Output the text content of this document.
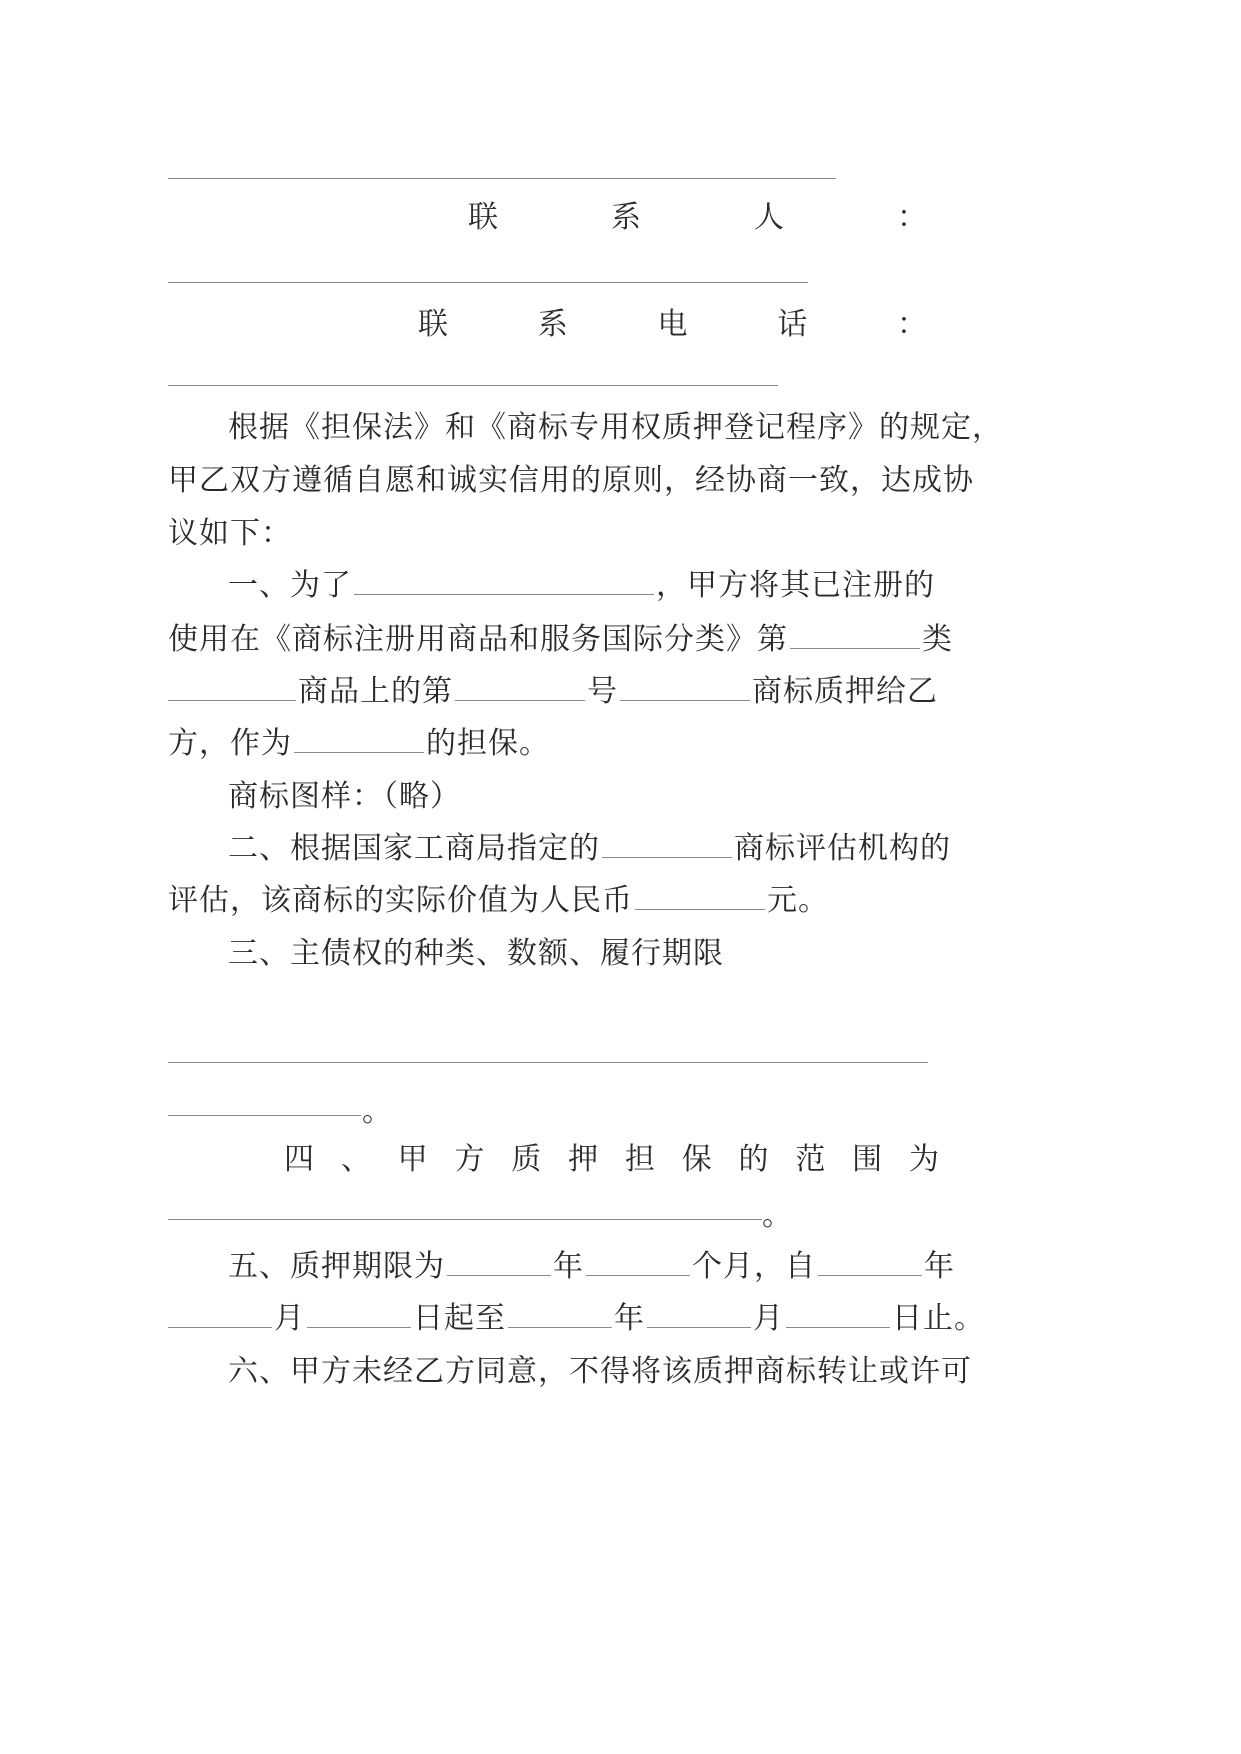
联	系	人	：
联	系	电	话	：
根据《担保法》和《商标专用权质押登记程序》的规定，
甲乙双方遵循自愿和诚实信用的原则，经协商一致，达成协
议如下：
一、为了	，甲方将其已注册的
使用在《商标注册用商品和服务国际分类》第	类
商品上的第	号	商标质押给乙
方，作为	的担保。
商标图样：（略）
二、根据国家工商局指定的	商标评估机构的
评估，该商标的实际价值为人民币	元。
三、主债权的种类、数额、履行期限
。
四 、 甲 方 质 押 担 保 的 范 围 为
。
五、质押期限为	年	个月，自	年
月	日起至	年	月	日止。
六、甲方未经乙方同意，不得将该质押商标转让或许可
